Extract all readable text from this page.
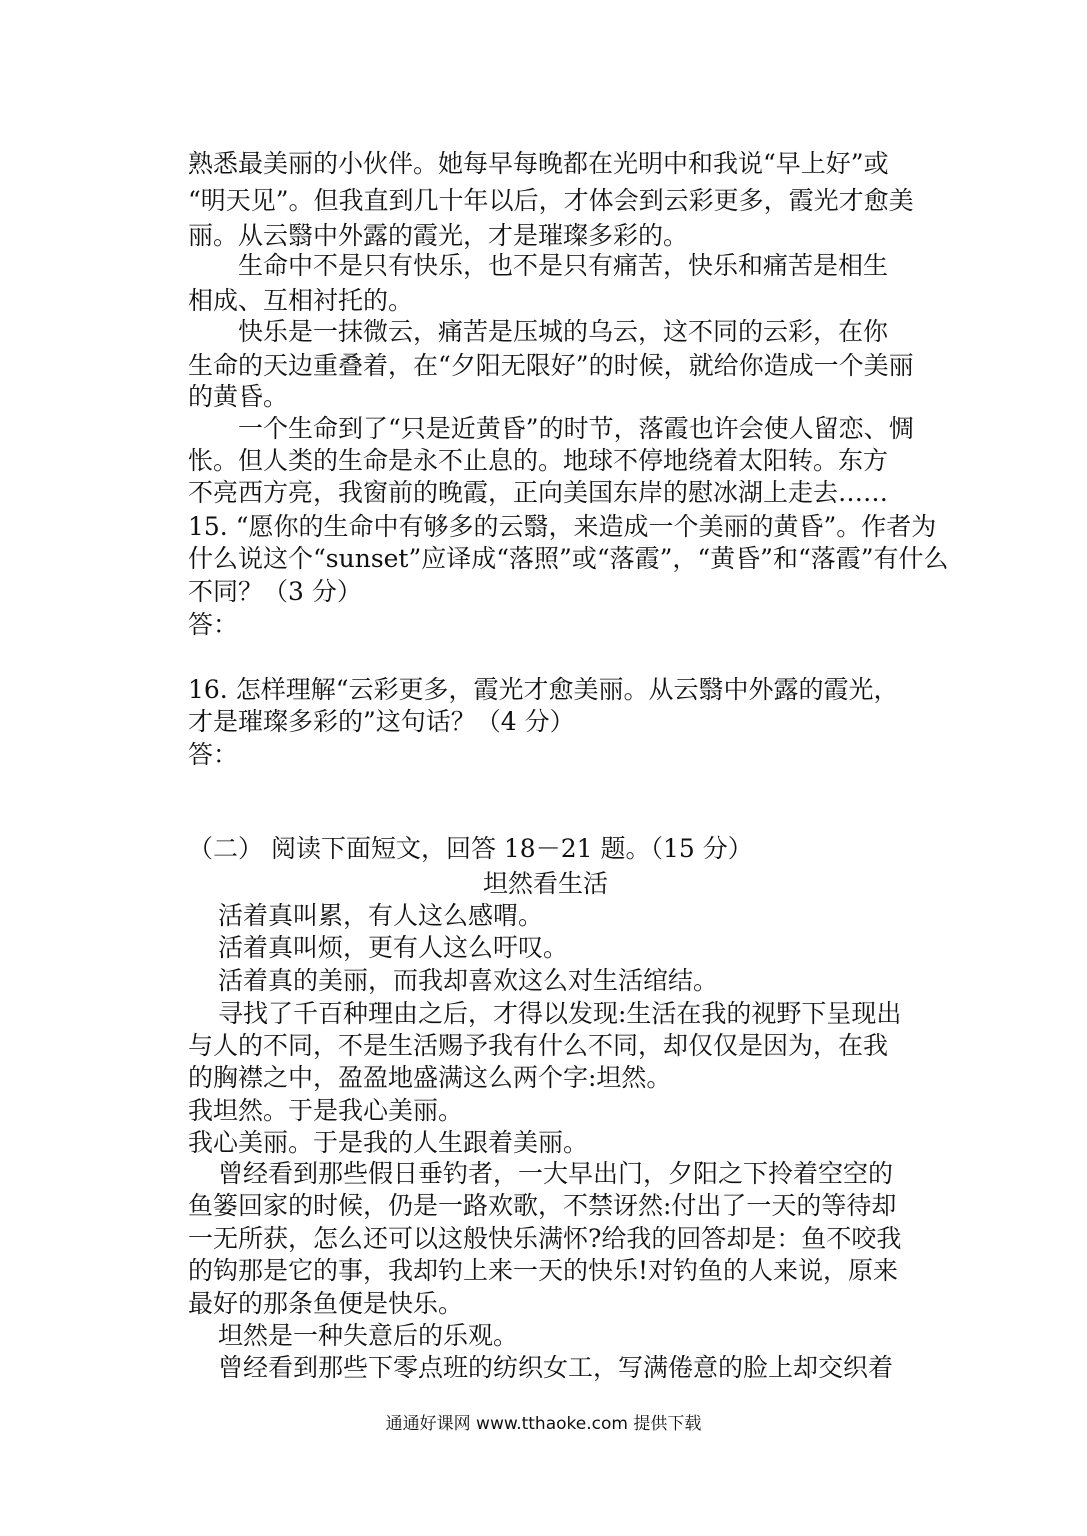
熟悉最美丽的小伙伴。她每早每晚都在光明中和我说“早上好”或
“明天见”。但我直到几十年以后，才体会到云彩更多，霞光才愈美
丽。从云翳中外露的霞光，才是璀璨多彩的。
生命中不是只有快乐，也不是只有痛苦，快乐和痛苦是相生
相成、互相衬托的。
快乐是一抹微云，痛苦是压城的乌云，这不同的云彩，在你
生命的天边重叠着，在“夕阳无限好”的时候，就给你造成一个美丽
的黄昏。
一个生命到了“只是近黄昏”的时节，落霞也许会使人留恋、惆
怅。但人类的生命是永不止息的。地球不停地绕着太阳转。东方
不亮西方亮，我窗前的晚霞，正向美国东岸的慰冰湖上走去……
15. “愿你的生命中有够多的云翳，来造成一个美丽的黄昏”。作者为
什么说这个“sunset”应译成“落照”或“落霞”，“黄昏”和“落霞”有什么
不同？（3 分）
答：
16. 怎样理解“云彩更多，霞光才愈美丽。从云翳中外露的霞光，
才是璀璨多彩的”这句话？（4 分）
答：
（二） 阅读下面短文，回答 18－21 题。（15 分）
坦然看生活
活着真叫累，有人这么感喟。
活着真叫烦，更有人这么吁叹。
活着真的美丽，而我却喜欢这么对生活绾结。
寻找了千百种理由之后，才得以发现:生活在我的视野下呈现出
与人的不同，不是生活赐予我有什么不同，却仅仅是因为，在我
的胸襟之中，盈盈地盛满这么两个字:坦然。
我坦然。于是我心美丽。
我心美丽。于是我的人生跟着美丽。
曾经看到那些假日垂钓者，一大早出门，夕阳之下拎着空空的
鱼篓回家的时候，仍是一路欢歌，不禁讶然:付出了一天的等待却
一无所获，怎么还可以这般快乐满怀?给我的回答却是：鱼不咬我
的钩那是它的事，我却钓上来一天的快乐!对钓鱼的人来说，原来
最好的那条鱼便是快乐。
坦然是一种失意后的乐观。
曾经看到那些下零点班的纺织女工，写满倦意的脸上却交织着
通通好课网 www.tthaoke.com 提供下载
